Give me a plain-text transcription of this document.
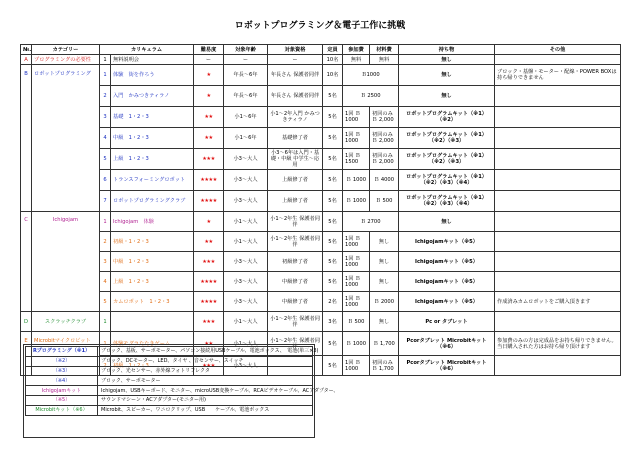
ロボットプログラミング＆電子工作に挑戦
№.	カテゴリー	カリキュラム		難易度	対象年齢	対象資格	定員	参加費	材料費	持ち物	その他
A	プログラミングの必要性	1	無料説明会	ー	ー	ー	10名	無料	無料	無し	
B	ロボットプログラミング	1	体験　街を作ろう	★	年長～6年	年長さん 保護者同伴	10名	Ｂ1000		無し	ブロック・基盤・モーター・配線・POWER BOXは持ち帰りできません
		2	入門　かみつきティラノ	★	年長～6年	年長さん 保護者同伴	5名	Ｂ 2500		無し	
		3	基礎　1・2・3	★★	小1～6年	小1～2年入門 かみつきティラノ	5名	1回 Ｂ1000	初回のみ Ｂ 2,000	ロボットプログラムキット（※1）（※2）	
		4	中級　1・2・3	★★	小1～6年	基礎修了者	5名	1回 Ｂ1000	初回のみ Ｂ 2,000	ロボットプログラムキット（※1）（※2）（※3）	
		5	上級　1・2・3	★★★	小3～大人	小3～6年は入門・基礎・中級 中学生～応用	5名	1回 Ｂ1500	初回のみ Ｂ 2,000	ロボットプログラムキット（※1）（※2）（※3）	
		6	トランスフォーミングロボット	★★★★	小3～大人	上級修了者	5名	Ｂ 1000	Ｂ 4000	ロボットプログラムキット（※1）（※2）（※3）（※4）	
		7	ロボットプログラミングクラブ	★★★★	小3～大人	上級修了者	5名	Ｂ 1000	Ｂ 500	ロボットプログラムキット（※1）（※2）（※3）（※4）	
C	Ichigojam	1	Ichigojam　体験	★	小1～大人	小1～2年生 保護者同伴	5名	Ｂ 2700		無し	
		2	初級・1・2・3	★★	小1～大人	小1～2年生 保護者同伴	5名	1回 Ｂ1000	無し	Ichigojamキット（※5）	
		3	中級　1・2・3	★★★	小3～大人	初級修了者	5名	1回 Ｂ1000	無し	Ichigojamキット（※5）	
		4	上級　1・2・3	★★★★	小3～大人	中級修了者	5名	1回 Ｂ1000	無し	Ichigojamキット（※5）	
		5	カムロボット　1・2・3	★★★★	小3～大人	中級修了者	2名	1回 Ｂ1000	Ｂ 2000	Ichigojamキット（※5）	作成済みカムロボットをご購入頂きます
D	スクラッチクラブ	1		★★★	小1～大人	小1～2年生 保護者同伴	3名	Ｂ 500	無し	Pc or タブレット	
E	Microbitマイクロビット	1	体験モグラたたきゲーム	★★	小1～大人	小1～2年生 保護者同伴	5名	Ｂ 1000	Ｂ 1,700	Pcorタブレット Microbitキット（※6）	参加費のみの方は完成品をお持ち帰りできません。当日購入された方はお持ち帰り頂けます
		2	初級　1・2・3	★★★	小3～大人		5名	1回 Ｂ1000	初回のみ Ｂ 1,700	Pcorタブレット Microbitキット（※6）	
Rプログラミング（※1）	ブロック、基板、サーボモーター、パソコン接続用USBケーブル、電池ボックス、　電池(単三×3)
（※2）	ブロック、DCモーター、LED、タイヤ 、音センサー、スイッチ
（※3）	ブロック、光センサー、赤外線フォトリフレクタ
（※4）	ブロック、サーボモーター
IchigoJamキット	Ichigojam、USBキーボード、モニター、microUSB変換ケーブル、RCAビデオケーブル、ACアダプター、
（※5）	サウンドマシーン・ACアダプター(モニター用)
Microbitキット（※6）	Microbit、スピーカー、ワニロクリップ、USB　　ケーブル、電池ボックス
